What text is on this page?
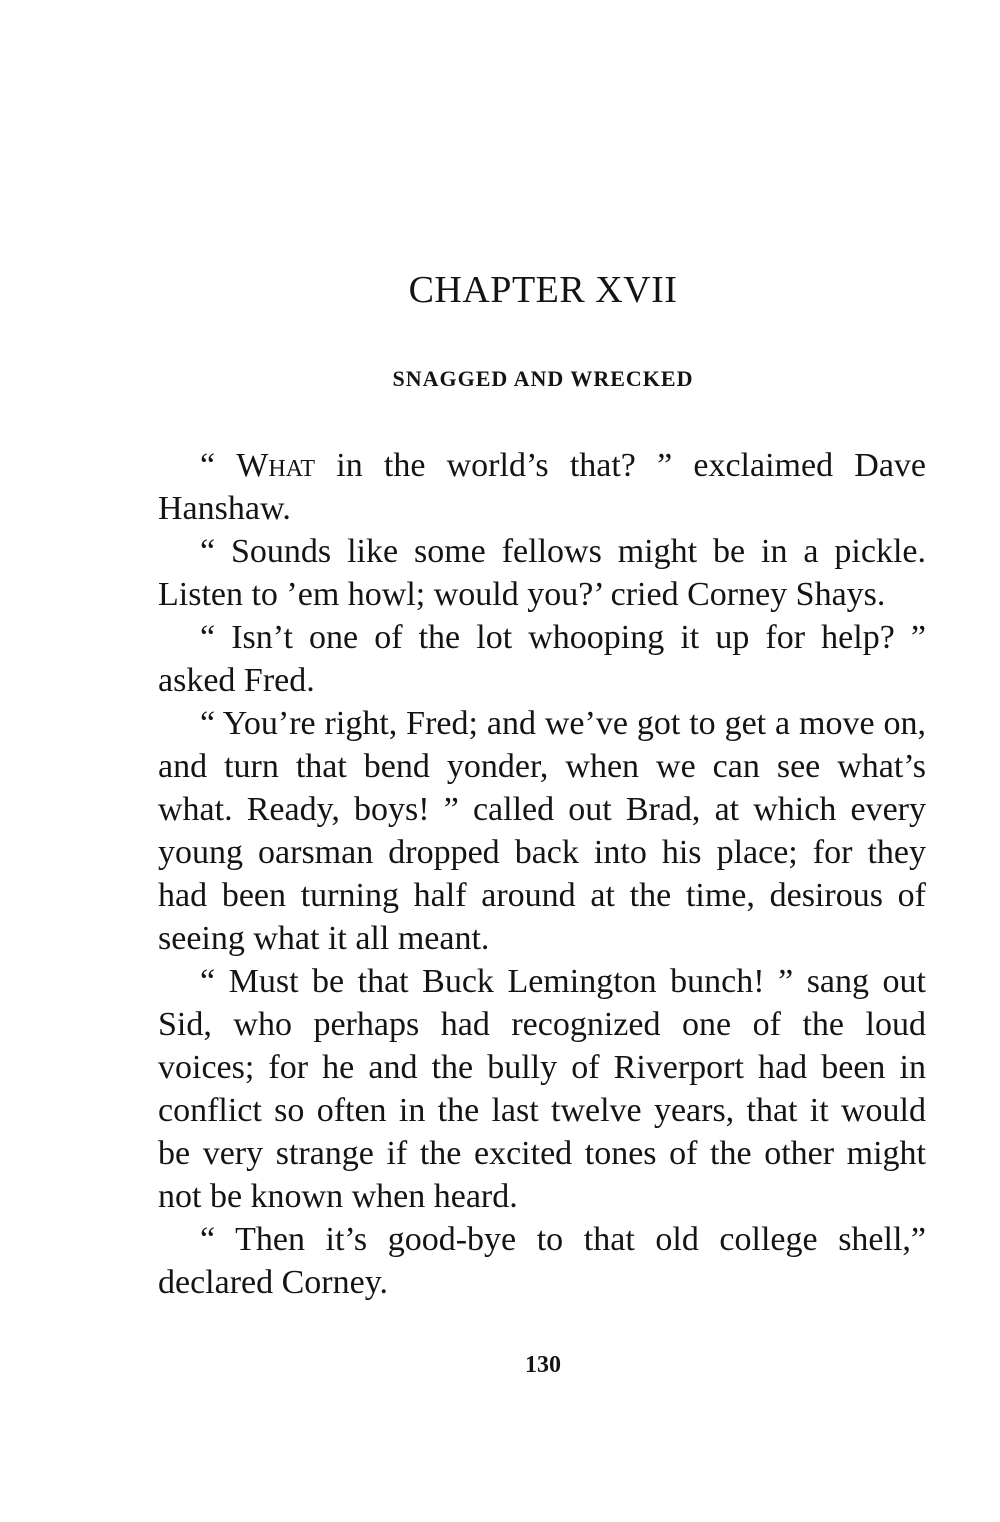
CHAPTER XVII
SNAGGED AND WRECKED

“ What in the world’s that? ” exclaimed Dave Hanshaw.

“ Sounds like some fellows might be in a pickle. Listen to ’em howl; would you?’ cried Corney Shays.

“ Isn’t one of the lot whooping it up for help? ” asked Fred.

“ You’re right, Fred; and we’ve got to get a move on, and turn that bend yonder, when we can see what’s what. Ready, boys! ” called out Brad, at which every young oarsman dropped back into his place; for they had been turning half around at the time, desirous of seeing what it all meant.

“ Must be that Buck Lemington bunch! ” sang out Sid, who perhaps had recognized one of the loud voices; for he and the bully of Riverport had been in conflict so often in the last twelve years, that it would be very strange if the excited tones of the other might not be known when heard.

“ Then it’s good-bye to that old college shell,” declared Corney.

130
